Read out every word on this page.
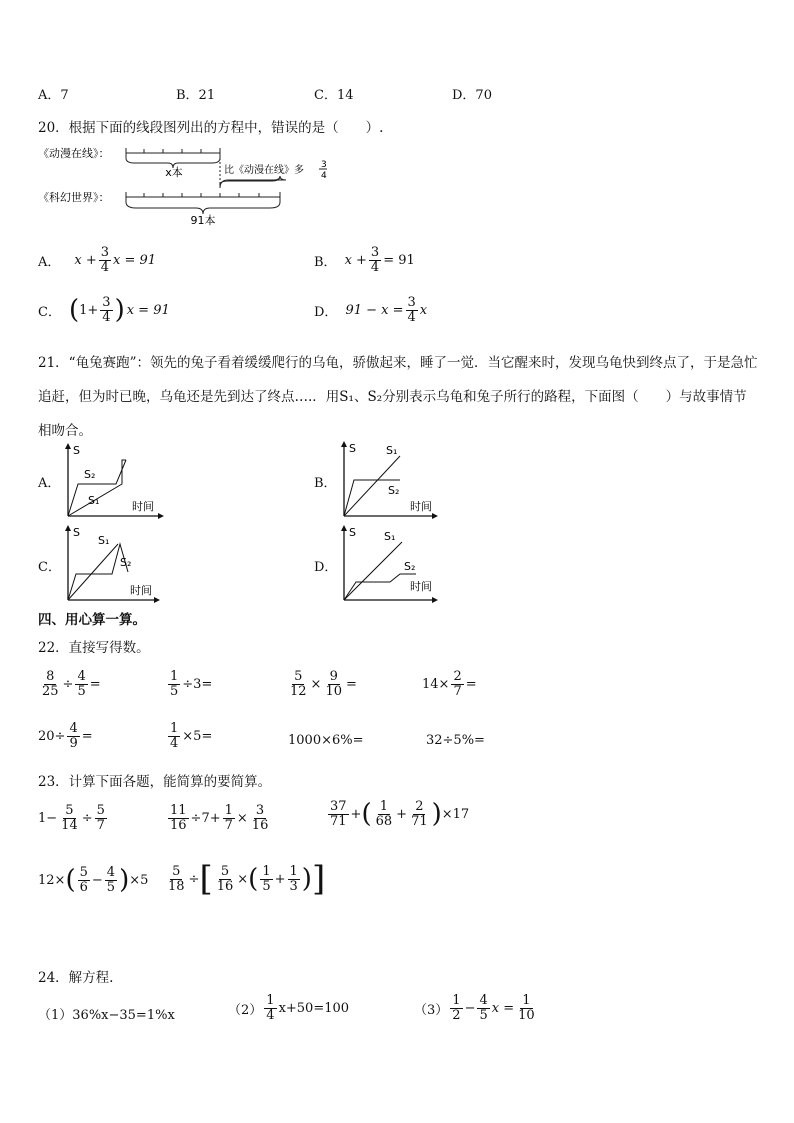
A．7	B．21	C．14	D．70
20．根据下面的线段图列出的方程中，错误的是（　　）.
《动漫在线》：
x本	比《动漫在线》多 3
4
《科幻世界》：
91本
A． $x + \frac{3}{4}$ x = 91	B． $x + \frac{3}{4} = 91$
C． ( $1+ \frac{3}{4}$ ) x = 91	D． $91 - x = \frac{3}{4}$ x
21．“龟兔赛跑”：领先的兔子看着缓缓爬行的乌龟，骄傲起来，睡了一觉．当它醒来时，发现乌龟快到终点了，于是急忙追赶，但为时已晚，乌龟还是先到达了终点….．用S₁、S₂分别表示乌龟和兔子所行的路程，下面图（　　）与故事情节相吻合。
A．
S
时间
S₂
S₁
B．
S
时间
S₁
S₂
C．
S
时间
S₁
S₂	D．
S
时间
S₁
S₂
四、用心算一算。
22．直接写得数。
$\frac{8}{25} \div \frac{4}{5}$ =	$\frac{1}{5} \div 3=$	$\frac{5}{12} \times \frac{9}{10}$ =	$14\times \frac{2}{7}$ =
$20\div \frac{4}{9}$ =	$\frac{1}{4} \times 5=$	1000×6%=	32÷5%=
23．计算下面各题，能简算的要简算。
$1- \frac{5}{14} \div \frac{5}{7}$	$\frac{11}{16} \div 7+ \frac{1}{7} \times \frac{3}{16}$	$\frac{37}{71}$ + ( $\frac{1}{68} + \frac{2}{71}$ ) ×17
12× ( $\frac{5}{6} - \frac{4}{5}$ ) $\times 5 \frac{5}{18}$ ÷ [ $\frac{5}{16}$ × ( $\frac{1}{5} + \frac{1}{3}$ ) ]
24．解方程.
（1）36%x−35=1%x	$(2) \frac{1}{4} x+50=100$	$(3) \frac{1}{2} - \frac{4}{5}$ $x = \frac{1}{10}$
